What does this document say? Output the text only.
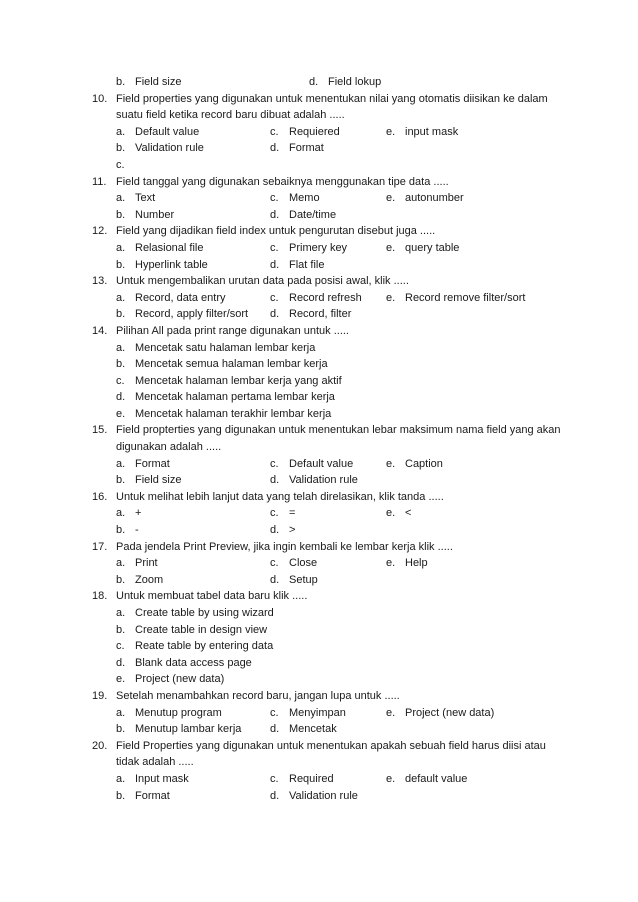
b. Field size	d. Field lokup
10. Field properties yang digunakan untuk menentukan nilai yang otomatis diisikan ke dalam
suatu field ketika record baru dibuat adalah .....
a. Default value	c. Requiered	e. input mask
b. Validation rule	d. Format
c.
11. Field tanggal yang digunakan sebaiknya menggunakan tipe data .....
a. Text	c. Memo	e. autonumber
b. Number	d. Date/time
12. Field yang dijadikan field index untuk pengurutan disebut juga .....
a. Relasional file	c. Primery key	e. query table
b. Hyperlink table	d. Flat file
13. Untuk mengembalikan urutan data pada posisi awal, klik .....
a. Record, data entry	c. Record refresh e. Record remove filter/sort
b. Record, apply filter/sort d. Record, filter
14. Pilihan All pada print range digunakan untuk .....
a. Mencetak satu halaman lembar kerja
b. Mencetak semua halaman lembar kerja
c. Mencetak halaman lembar kerja yang aktif
d. Mencetak halaman pertama lembar kerja
e. Mencetak halaman terakhir lembar kerja
15. Field propterties yang digunakan untuk menentukan lebar maksimum nama field yang akan
digunakan adalah .....
a. Format	c. Default value	e. Caption
b. Field size	d. Validation rule
16. Untuk melihat lebih lanjut data yang telah direlasikan, klik tanda .....
a. +	c. =	e. <
b. -	d. >
17. Pada jendela Print Preview, jika ingin kembali ke lembar kerja klik .....
a. Print	c. Close	e. Help
b. Zoom	d. Setup
18. Untuk membuat tabel data baru klik .....
a. Create table by using wizard
b. Create table in design view
c. Reate table by entering data
d. Blank data access page
e. Project (new data)
19. Setelah menambahkan record baru, jangan lupa untuk .....
a. Menutup program	c. Menyimpan	e. Project (new data)
b. Menutup lambar kerja	d. Mencetak
20. Field Properties yang digunakan untuk menentukan apakah sebuah field harus diisi atau
tidak adalah .....
a. Input mask	c. Required	e. default value
b. Format	d. Validation rule
